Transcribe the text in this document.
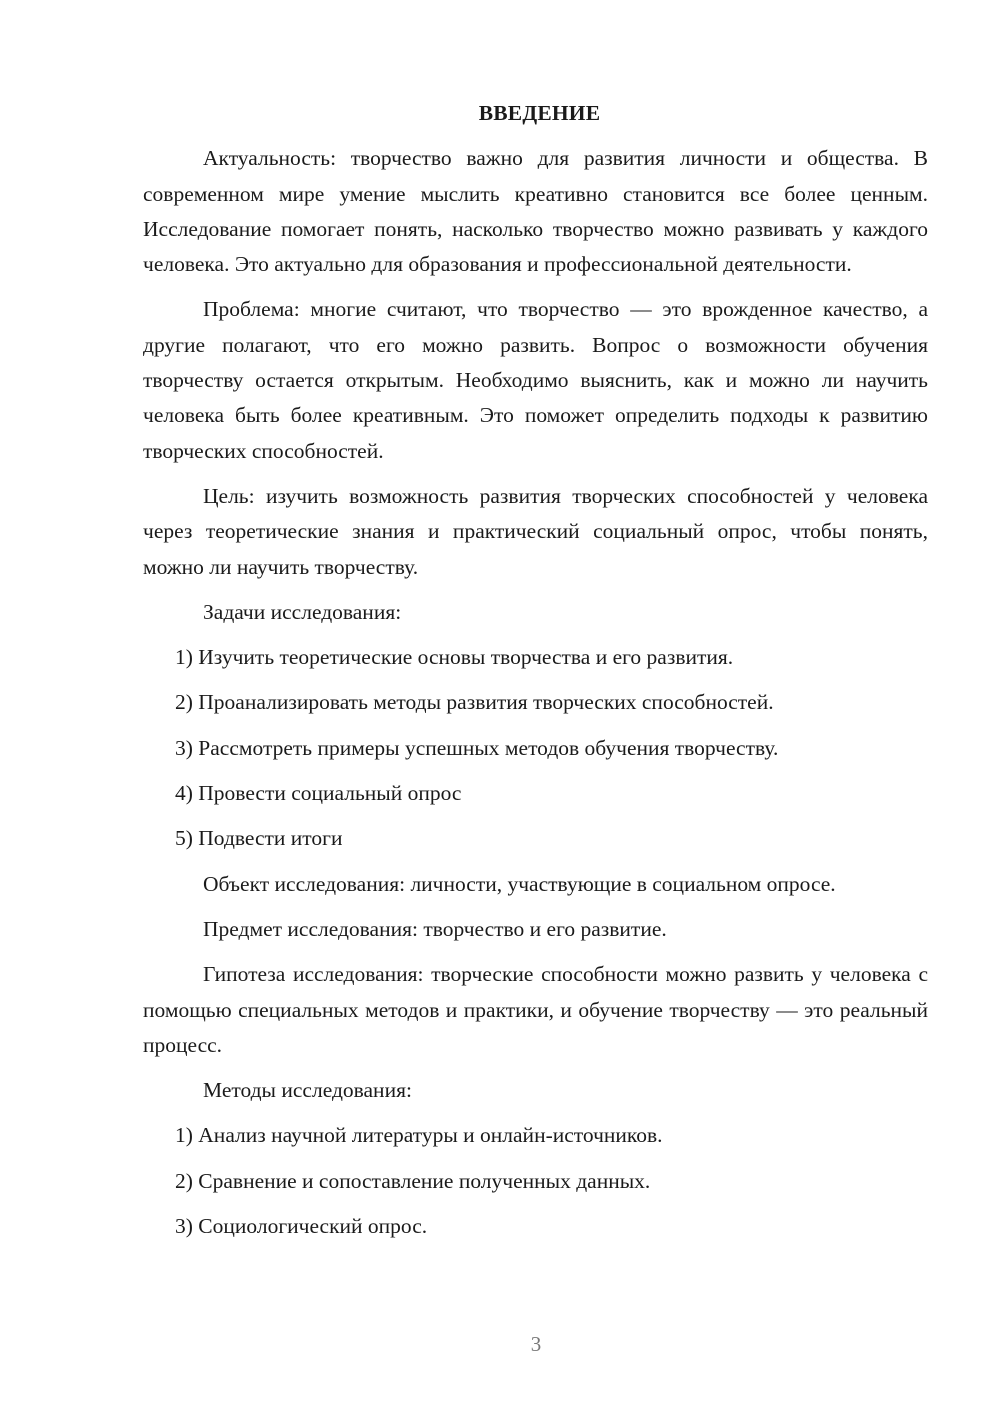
ВВЕДЕНИЕ

Актуальность: творчество важно для развития личности и общества. В современном мире умение мыслить креативно становится все более ценным. Исследование помогает понять, насколько творчество можно развивать у каждого человека. Это актуально для образования и профессиональной деятельности.

Проблема: многие считают, что творчество — это врожденное качество, а другие полагают, что его можно развить. Вопрос о возможности обучения творчеству остается открытым. Необходимо выяснить, как и можно ли научить человека быть более креативным. Это поможет определить подходы к развитию творческих способностей.

Цель: изучить возможность развития творческих способностей у человека через теоретические знания и практический социальный опрос, чтобы понять, можно ли научить творчеству.

Задачи исследования:

1) Изучить теоретические основы творчества и его развития.
2) Проанализировать методы развития творческих способностей.
3) Рассмотреть примеры успешных методов обучения творчеству.
4) Провести социальный опрос
5) Подвести итоги

Объект исследования: личности, участвующие в социальном опросе.

Предмет исследования: творчество и его развитие.

Гипотеза исследования: творческие способности можно развить у человека с помощью специальных методов и практики, и обучение творчеству — это реальный процесс.

Методы исследования:

1) Анализ научной литературы и онлайн-источников.
2) Сравнение и сопоставление полученных данных.
3) Социологический опрос.
3
